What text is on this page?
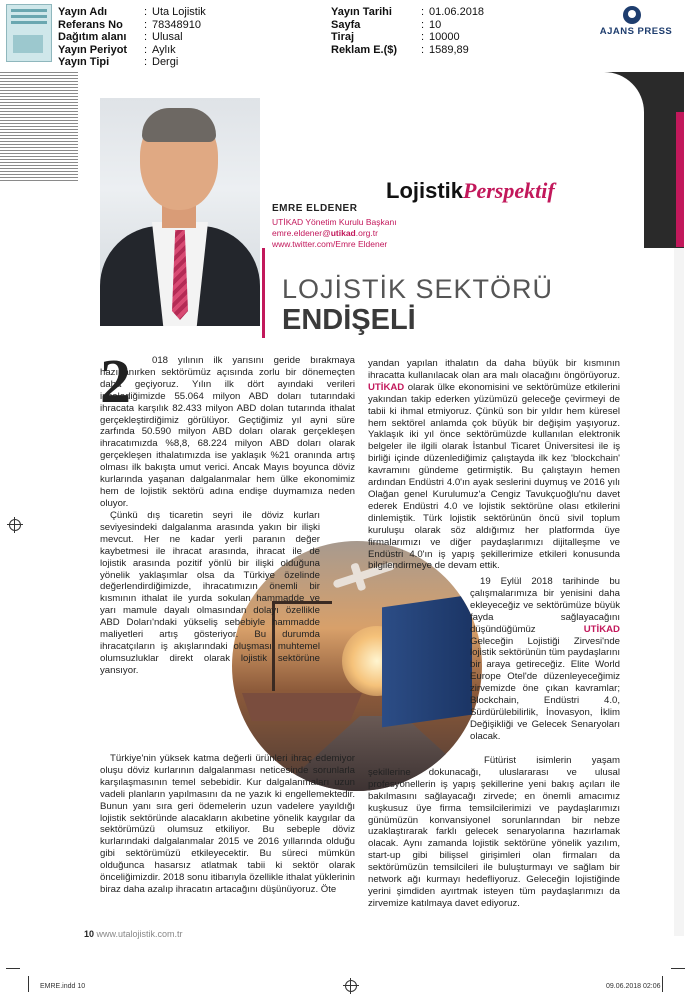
Yayın Adı	: Uta Lojistik
Referans No : 78348910
Dağıtım alanı : Ulusal
Yayın Periyot : Aylık
Yayın Tipi	: Dergi
Yayın Tarihi	: 01.06.2018
Sayfa	: 10
Tiraj	: 10000
Reklam E.($) : 1589,89
AJANS PRESS
LojistikPerspektif
EMRE ELDENER
UTİKAD Yönetim Kurulu Başkanı
emre.eldener@utikad.org.tr
www.twitter.com/Emre Eldener
LOJİSTİK SEKTÖRÜ
ENDİŞELİ
2	018 yılının ilk yarısını geride bırakmaya hazırlanırken sektörümüz açısında zorlu bir dönemeçten daha geçiyoruz. Yılın ilk dört ayındaki verileri incelediğimizde 55.064 milyon ABD doları tutarındaki ihracata karşılık 82.433 milyon ABD dolan tutarında ithalat gerçekleştirdiğimiz görülüyor. Geçtiğimiz yıl ayni süre zarfında 50.590 milyon ABD doları olarak gerçekleşen ihracatımızda %8,8, 68.224 milyon ABD doları olarak gerçekleşen ithalatımızda ise yaklaşık %21 oranında artış olması ilk bakışta umut verici. Ancak Mayıs boyunca döviz kurlarında yaşanan dalgalanmalar hem ülke ekonomimiz hem de lojistik sektörü adına endişe duymamıza neden oluyor.

Çünkü dış ticaretin seyri ile döviz kurları seviyesindeki dalgalanma arasında yakın bir ilişki mevcut. Her ne kadar yerli paranın değer kaybetmesi ile ihracat arasında, ihracat ile de lojistik arasında pozitif yönlü bir ilişki olduğuna yönelik yaklaşımlar olsa da Türkiye özelinde değerlendirdiğimizde, ihracatımızın önemli bir kısmının ithalat ile yurda sokulan hammadde ve yarı mamule dayalı olmasından dolayı özellikle ABD Doları'ndaki yükseliş sebebiyle hammadde maliyetleri artış gösteriyor. Bu durumda ihracatçıların iş akışlarındaki oluşması muhtemel olumsuzluklar direkt olarak lojistik sektörüne yansıyor.

Türkiye'nin yüksek katma değerli ürünleri ihraç edemiyor oluşu döviz kurlarının dalgalanması neticesinde sorunlarla karşılaşmasının temel sebebidir. Kur dalgalanmaları uzun vadeli planların yapılmasını da ne yazık ki engellemektedir. Bunun yanı sıra geri ödemelerin uzun vadelere yayıldığı lojistik sektöründe alacakların akıbetine yönelik kaygılar da sektörümüzü olumsuz etkiliyor. Bu sebeple döviz kurlarındaki dalgalanmalar 2015 ve 2016 yıllarında olduğu gibi sektörümüzü etkileyecektir. Bu süreci mümkün olduğunca hasarsız atlatmak tabii ki sektör olarak önceliğimizdir. 2018 sonu itibarıyla özellikle ithalat yüklerinin biraz daha azalıp ihracatın artacağını düşünüyoruz. Öte

yandan yapılan ithalatın da daha büyük bir kısmının ihracatta kullanılacak olan ara malı olacağını öngörüyoruz. UTİKAD olarak ülke ekonomisini ve sektörümüze etkilerini yakından takip ederken yüzümüzü geleceğe çevirmeyi de tabii ki ihmal etmiyoruz. Çünkü son bir yıldır hem küresel hem sektörel anlamda çok büyük bir değişim yaşıyoruz. Yaklaşık iki yıl önce sektörümüzde kullanılan elektronik belgeler ile ilgili olarak İstanbul Ticaret Üniversitesi ile iş birliği içinde düzenlediğimiz çalıştayda ilk kez 'blockchain' kavramını gündeme getirmiştik. Bu çalıştayın hemen ardından Endüstri 4.0'ın ayak seslerini duymuş ve 2016 yılı Olağan genel Kurulumuz'a Cengiz Tavukçuoğlu'nu davet ederek Endüstri 4.0 ve lojistik sektörüne olası etkilerini dinlemiştik. Türk lojistik sektörünün öncü sivil toplum kuruluşu olarak söz aldığımız her platformda üye firmalarımızı ve diğer paydaşlarımızı dijitalleşme ve Endüstri 4.0'ın iş yapış şekillerimize etkileri konusunda bilgilendirmeye de devam ettik.

19 Eylül 2018 tarihinde bu çalışmalarımıza bir yenisini daha ekleyeceğiz ve sektörümüze büyük fayda sağlayacağını düşündüğümüz UTİKAD Geleceğin Lojistiği Zirvesi'nde lojistik sektörünün tüm paydaşlarını bir araya getireceğiz. Elite World Europe Otel'de düzenleyeceğimiz zirvemizde öne çıkan kavramlar; Blockchain, Endüstri 4.0, Sürdürülebilirlik, İnovasyon, İklim Değişikliği ve Gelecek Senaryoları olacak.

Fütürist isimlerin yaşam şekillerine dokunacağı, uluslararası ve ulusal profesyonellerin iş yapış şekillerine yeni bakış açıları ile bakılmasını sağlayacağı zirvede; en önemli amacımız kuşkusuz üye firma temsilcilerimizi ve paydaşlarımızı günümüzün konvansiyonel sorunlarından bir nebze uzaklaştırarak farklı gelecek senaryolarına hazırlamak olacak. Aynı zamanda lojistik sektörüne yönelik yazılım, start-up gibi bilişsel girişimleri olan firmaları da sektörümüzün temsilcileri ile buluşturmayı ve sağlam bir network ağı kurmayı hedefliyoruz. Geleceğin lojistiğinde yerini şimdiden ayırtmak isteyen tüm paydaşlarımızı da zirvemize katılmaya davet ediyoruz.

10 www.utalojistik.com.tr
EMRE.indd 10	09.06.2018 02:06
